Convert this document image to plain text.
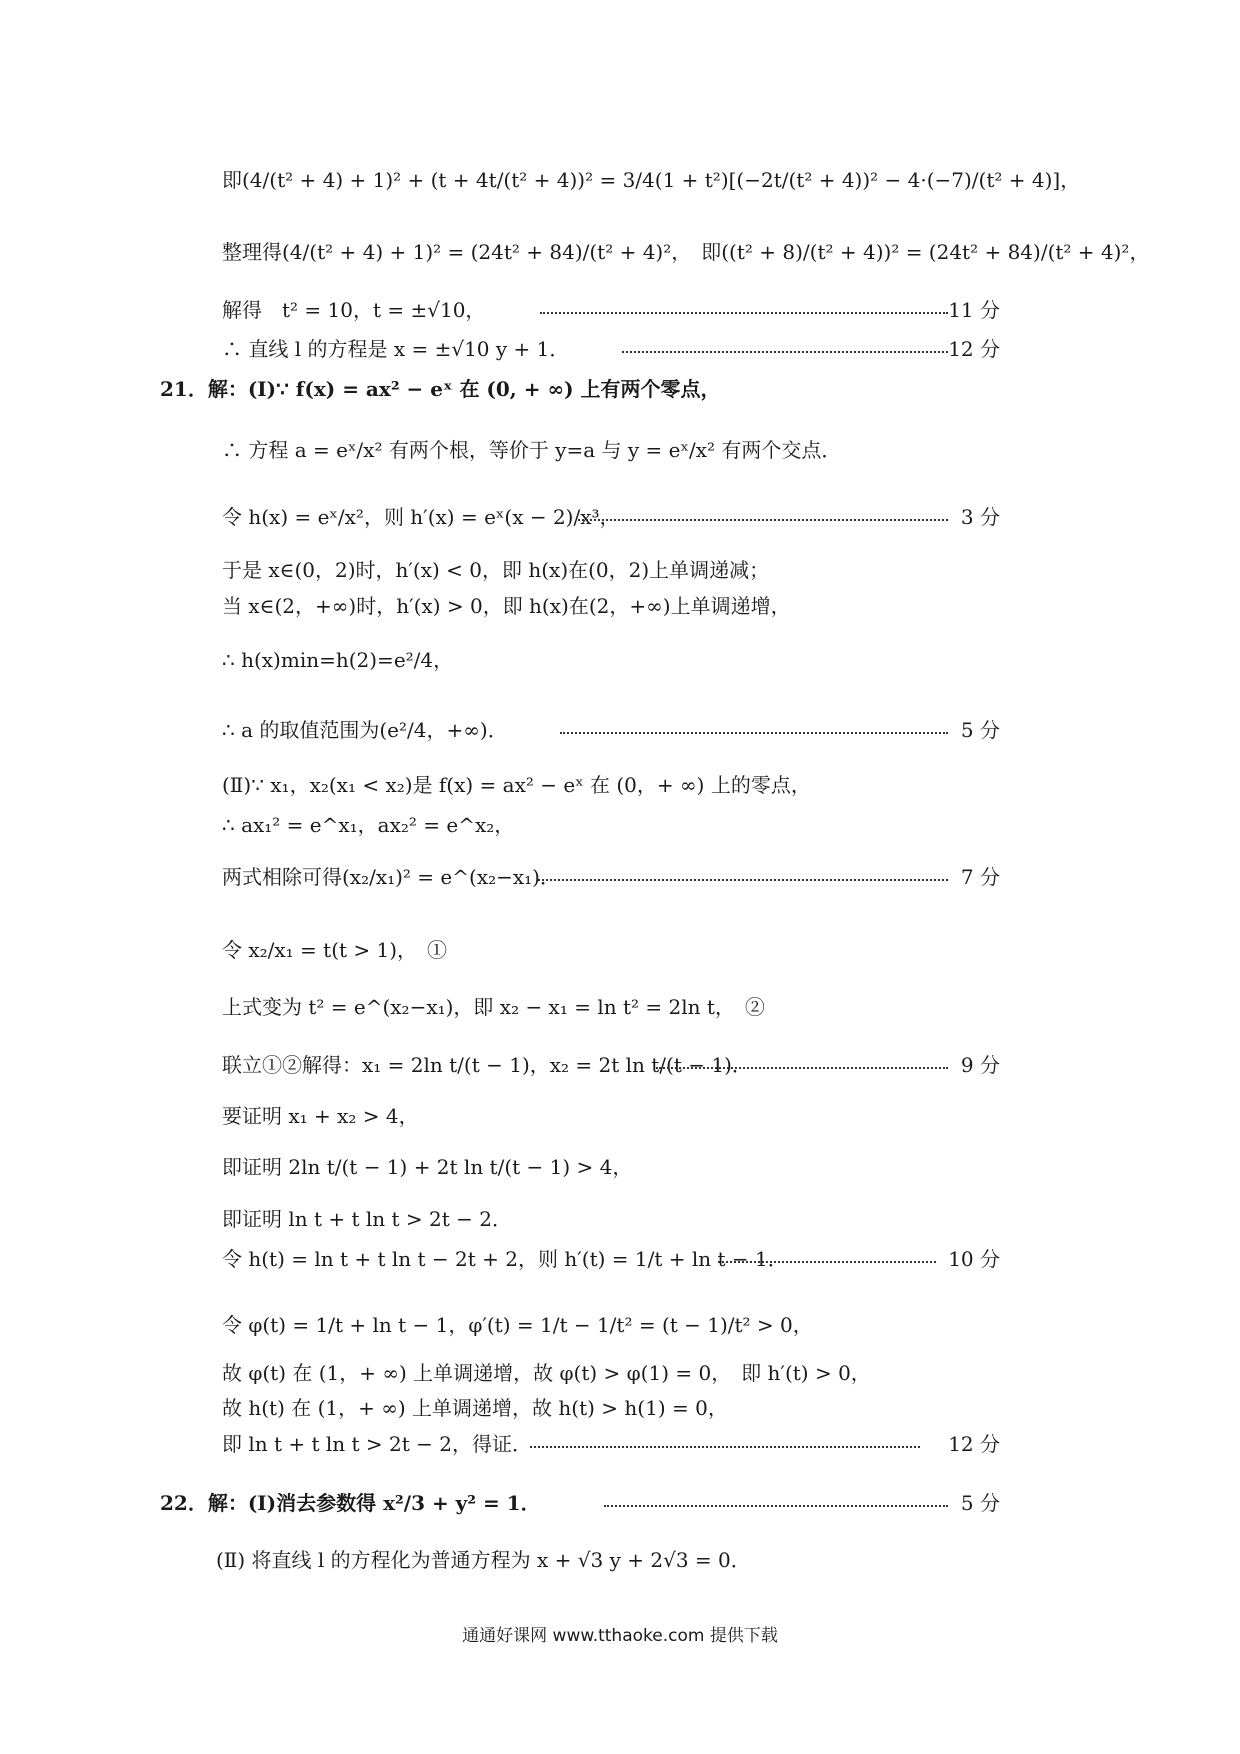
即(4/(t² + 4) + 1)² + (t + 4t/(t² + 4))² = 3/4(1 + t²)[(−2t/(t² + 4))² − 4·(−7)/(t² + 4)]，
整理得(4/(t² + 4) + 1)² = (24t² + 84)/(t² + 4)²，　即((t² + 8)/(t² + 4))² = (24t² + 84)/(t² + 4)²，
解得　t² = 10，t = ±√10，	11 分
∴ 直线 l 的方程是 x = ±√10 y + 1．	12 分
21．解：(Ⅰ)∵ f(x) = ax² − eˣ 在 (0, + ∞) 上有两个零点，
∴ 方程 a = eˣ/x² 有两个根，等价于 y=a 与 y = eˣ/x² 有两个交点．
令 h(x) = eˣ/x²，则 h′(x) = eˣ(x − 2)/x³，	3 分
于是 x∈(0，2)时，h′(x) < 0，即 h(x)在(0，2)上单调递减；
当 x∈(2，+∞)时，h′(x) > 0，即 h(x)在(2，+∞)上单调递增，
∴ h(x)min=h(2)=e²/4，
∴ a 的取值范围为(e²/4，+∞)．	5 分
(Ⅱ)∵ x₁，x₂(x₁ < x₂)是 f(x) = ax² − eˣ 在 (0，+ ∞) 上的零点，
∴ ax₁² = e^x₁，ax₂² = e^x₂，
两式相除可得(x₂/x₁)² = e^(x₂−x₁)．	7 分
令 x₂/x₁ = t(t > 1)，　①
上式变为 t² = e^(x₂−x₁)，即 x₂ − x₁ = ln t² = 2ln t，　②
联立①②解得：x₁ = 2ln t/(t − 1)，x₂ = 2t ln t/(t − 1)．	9 分
要证明 x₁ + x₂ > 4，
即证明 2ln t/(t − 1) + 2t ln t/(t − 1) > 4，
即证明 ln t + t ln t > 2t − 2．
令 h(t) = ln t + t ln t − 2t + 2，则 h′(t) = 1/t + ln t − 1．	10 分
令 φ(t) = 1/t + ln t − 1，φ′(t) = 1/t − 1/t² = (t − 1)/t² > 0，
故 φ(t) 在 (1，+ ∞) 上单调递增，故 φ(t) > φ(1) = 0，　即 h′(t) > 0，
故 h(t) 在 (1，+ ∞) 上单调递增，故 h(t) > h(1) = 0，
即 ln t + t ln t > 2t − 2，得证．	12 分
22．解：(Ⅰ)消去参数得 x²/3 + y² = 1．	5 分
(Ⅱ) 将直线 l 的方程化为普通方程为 x + √3 y + 2√3 = 0．
通通好课网 www.tthaoke.com 提供下载
